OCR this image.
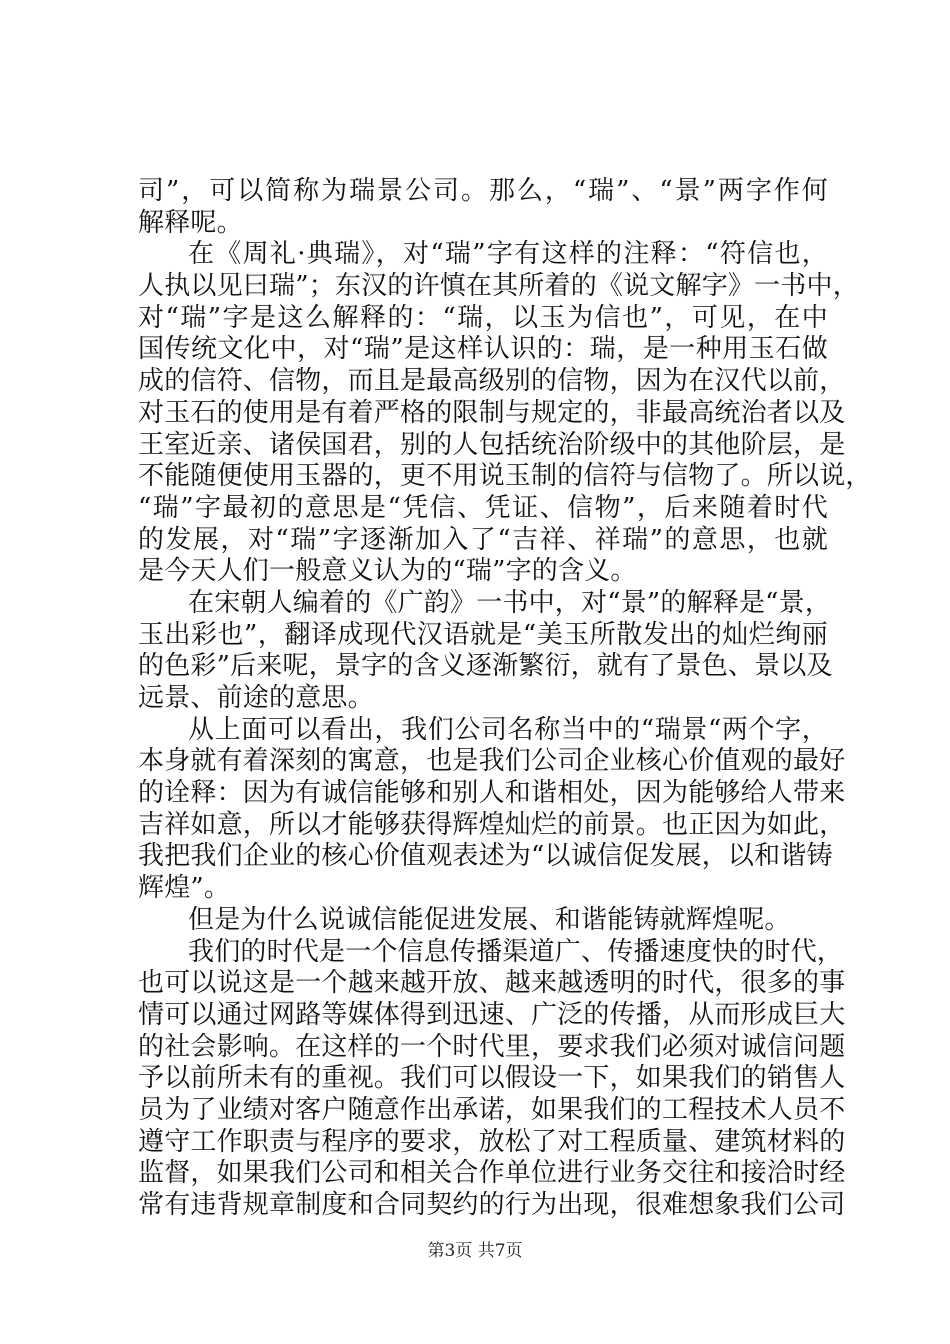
司”，可以简称为瑞景公司。那么，“瑞”、“景”两字作何
解释呢。
在《周礼·典瑞》，对“瑞”字有这样的注释：“符信也，
人执以见曰瑞”；东汉的许慎在其所着的《说文解字》一书中，
对“瑞”字是这么解释的：“瑞，以玉为信也”，可见，在中
国传统文化中，对“瑞”是这样认识的：瑞，是一种用玉石做
成的信符、信物，而且是最高级别的信物，因为在汉代以前，
对玉石的使用是有着严格的限制与规定的，非最高统治者以及
王室近亲、诸侯国君，别的人包括统治阶级中的其他阶层，是
不能随便使用玉器的，更不用说玉制的信符与信物了。所以说，
“瑞”字最初的意思是“凭信、凭证、信物”，后来随着时代
的发展，对“瑞”字逐渐加入了“吉祥、祥瑞”的意思，也就
是今天人们一般意义认为的“瑞”字的含义。
在宋朝人编着的《广韵》一书中，对“景”的解释是“景，
玉出彩也”，翻译成现代汉语就是“美玉所散发出的灿烂绚丽
的色彩”后来呢，景字的含义逐渐繁衍，就有了景色、景以及
远景、前途的意思。
从上面可以看出，我们公司名称当中的“瑞景“两个字，
本身就有着深刻的寓意，也是我们公司企业核心价值观的最好
的诠释：因为有诚信能够和别人和谐相处，因为能够给人带来
吉祥如意，所以才能够获得辉煌灿烂的前景。也正因为如此，
我把我们企业的核心价值观表述为“以诚信促发展，以和谐铸
辉煌”。
但是为什么说诚信能促进发展、和谐能铸就辉煌呢。
我们的时代是一个信息传播渠道广、传播速度快的时代，
也可以说这是一个越来越开放、越来越透明的时代，很多的事
情可以通过网路等媒体得到迅速、广泛的传播，从而形成巨大
的社会影响。在这样的一个时代里，要求我们必须对诚信问题
予以前所未有的重视。我们可以假设一下，如果我们的销售人
员为了业绩对客户随意作出承诺，如果我们的工程技术人员不
遵守工作职责与程序的要求，放松了对工程质量、建筑材料的
监督，如果我们公司和相关合作单位进行业务交往和接洽时经
常有违背规章制度和合同契约的行为出现，很难想象我们公司
第3页 共7页
